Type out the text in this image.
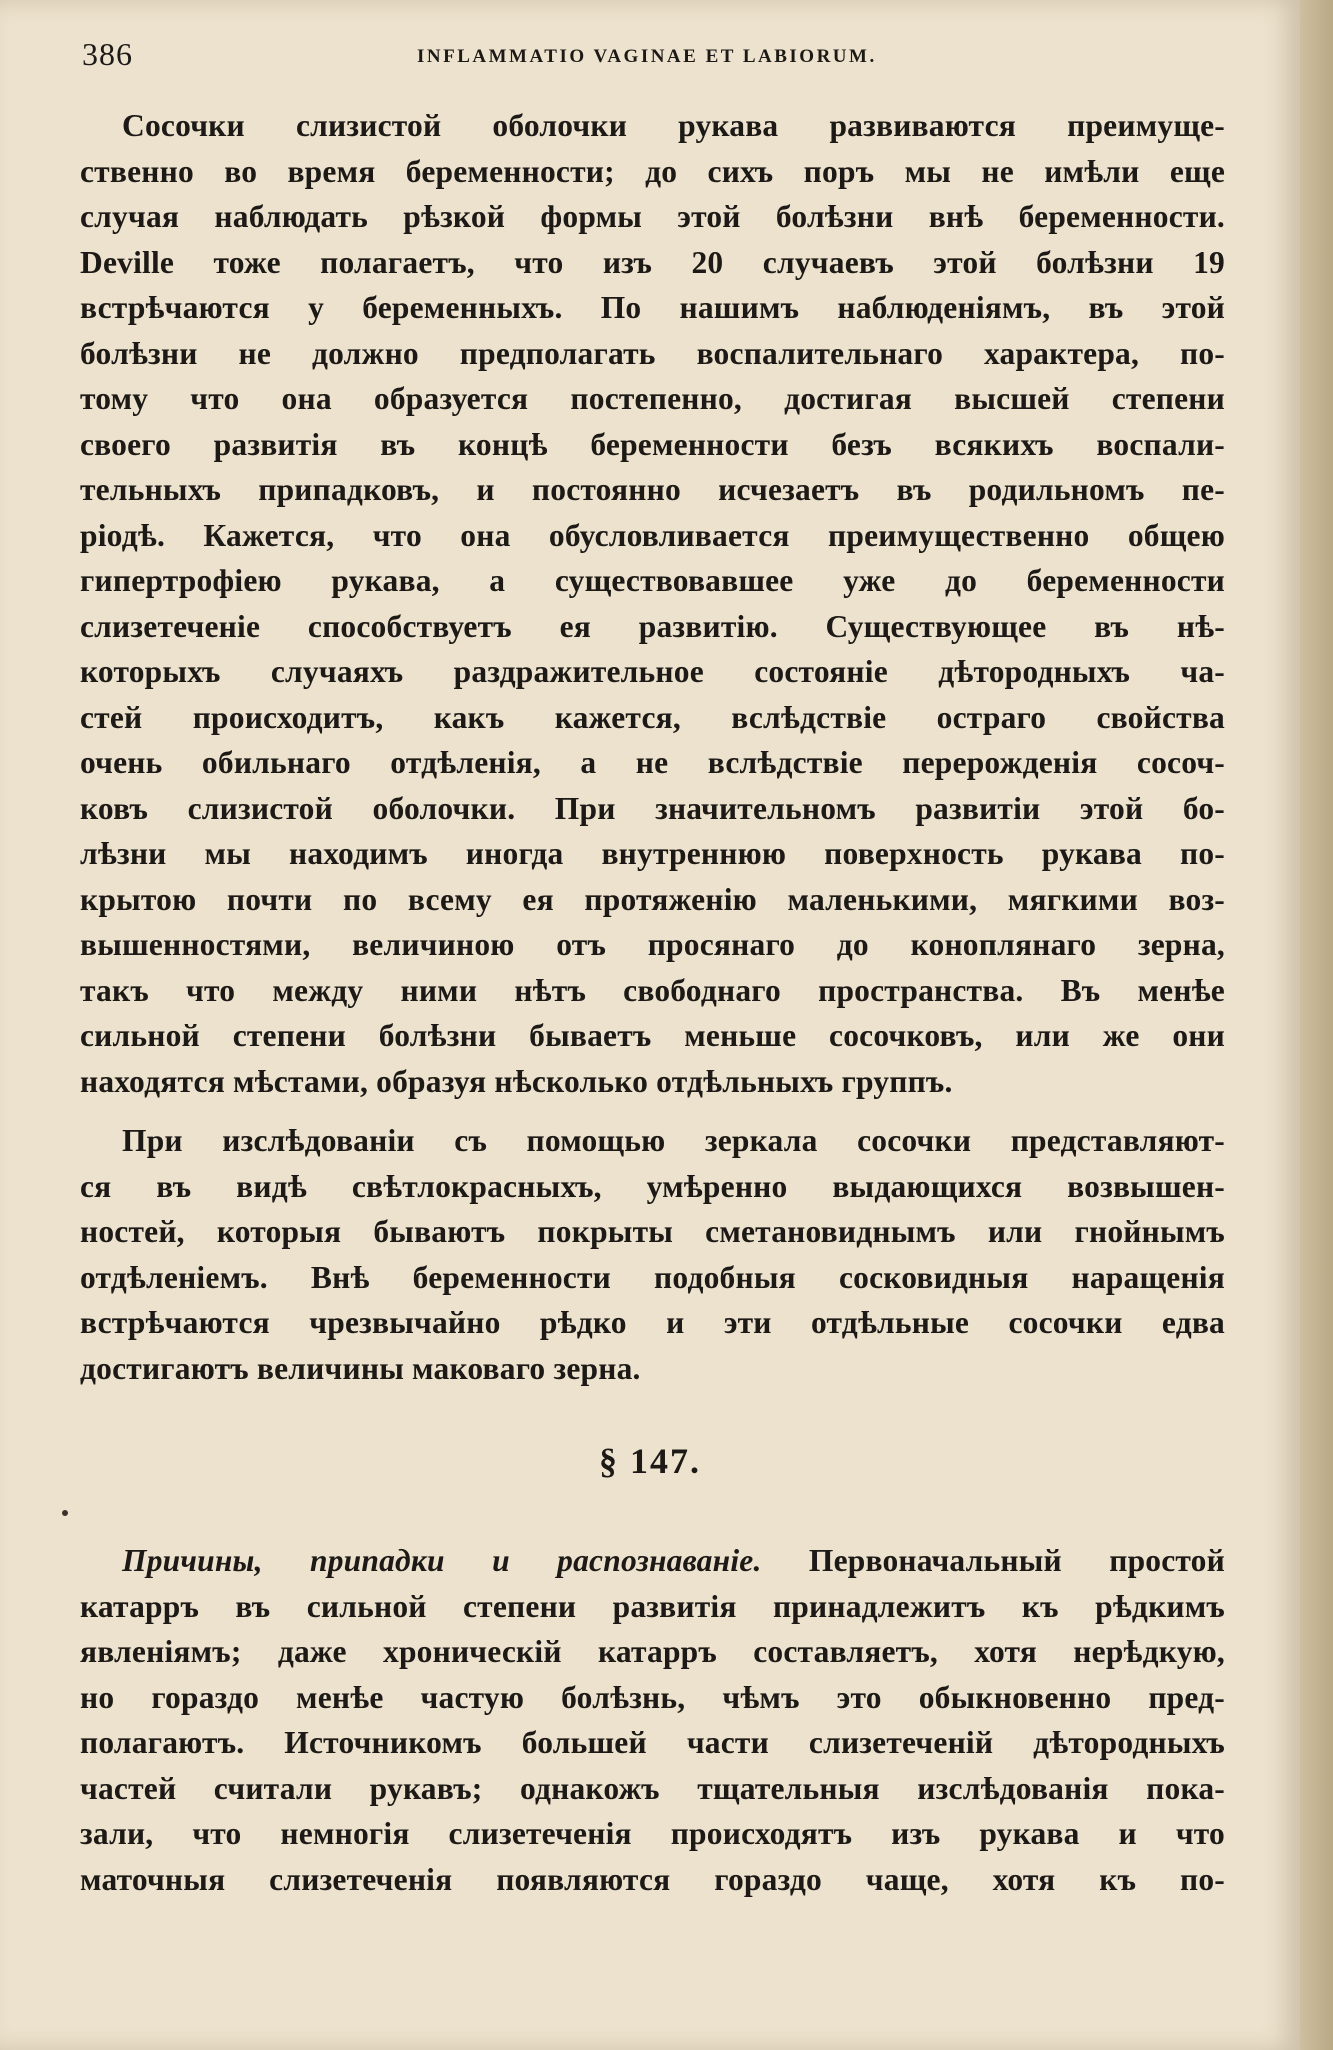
386	INFLAMMATIO VAGINAE ET LABIORUM.
Сосочки слизистой оболочки рукава развиваются преимуще-
ственно во время беременности; до сихъ поръ мы не имѣли еще
случая наблюдать рѣзкой формы этой болѣзни внѣ беременности.
Deville тоже полагаетъ, что изъ 20 случаевъ этой болѣзни 19
встрѣчаются у беременныхъ. По нашимъ наблюденіямъ, въ этой
болѣзни не должно предполагать воспалительнаго характера, по-
тому что она образуется постепенно, достигая высшей степени
своего развитія въ концѣ беременности безъ всякихъ воспали-
тельныхъ припадковъ, и постоянно исчезаетъ въ родильномъ пе-
ріодѣ. Кажется, что она обусловливается преимущественно общею
гипертрофіею рукава, а существовавшее уже до беременности
слизетеченіе способствуетъ ея развитію. Существующее въ нѣ-
которыхъ случаяхъ раздражительное состояніе дѣтородныхъ ча-
стей происходитъ, какъ кажется, вслѣдствіе остраго свойства
очень обильнаго отдѣленія, а не вслѣдствіе перерожденія сосоч-
ковъ слизистой оболочки. При значительномъ развитіи этой бо-
лѣзни мы находимъ иногда внутреннюю поверхность рукава по-
крытою почти по всему ея протяженію маленькими, мягкими воз-
вышенностями, величиною отъ просянаго до коноплянаго зерна,
такъ что между ними нѣтъ свободнаго пространства. Въ менѣе
сильной степени болѣзни бываетъ меньше сосочковъ, или же они
находятся мѣстами, образуя нѣсколько отдѣльныхъ группъ.
При изслѣдованіи съ помощью зеркала сосочки представляют-
ся въ видѣ свѣтлокрасныхъ, умѣренно выдающихся возвышен-
ностей, которыя бываютъ покрыты сметановиднымъ или гнойнымъ
отдѣленіемъ. Внѣ беременности подобныя сосковидныя наращенія
встрѣчаются чрезвычайно рѣдко и эти отдѣльные сосочки едва
достигаютъ величины маковаго зерна.
§ 147.
Причины, припадки и распознаваніе. Первоначальный простой
катарръ въ сильной степени развитія принадлежитъ къ рѣдкимъ
явленіямъ; даже хроническій катарръ составляетъ, хотя нерѣдкую,
но гораздо менѣе частую болѣзнь, чѣмъ это обыкновенно пред-
полагаютъ. Источникомъ большей части слизетеченій дѣтородныхъ
частей считали рукавъ; однакожъ тщательныя изслѣдованія пока-
зали, что немногія слизетеченія происходятъ изъ рукава и что
маточныя слизетеченія появляются гораздо чаще, хотя къ по-
